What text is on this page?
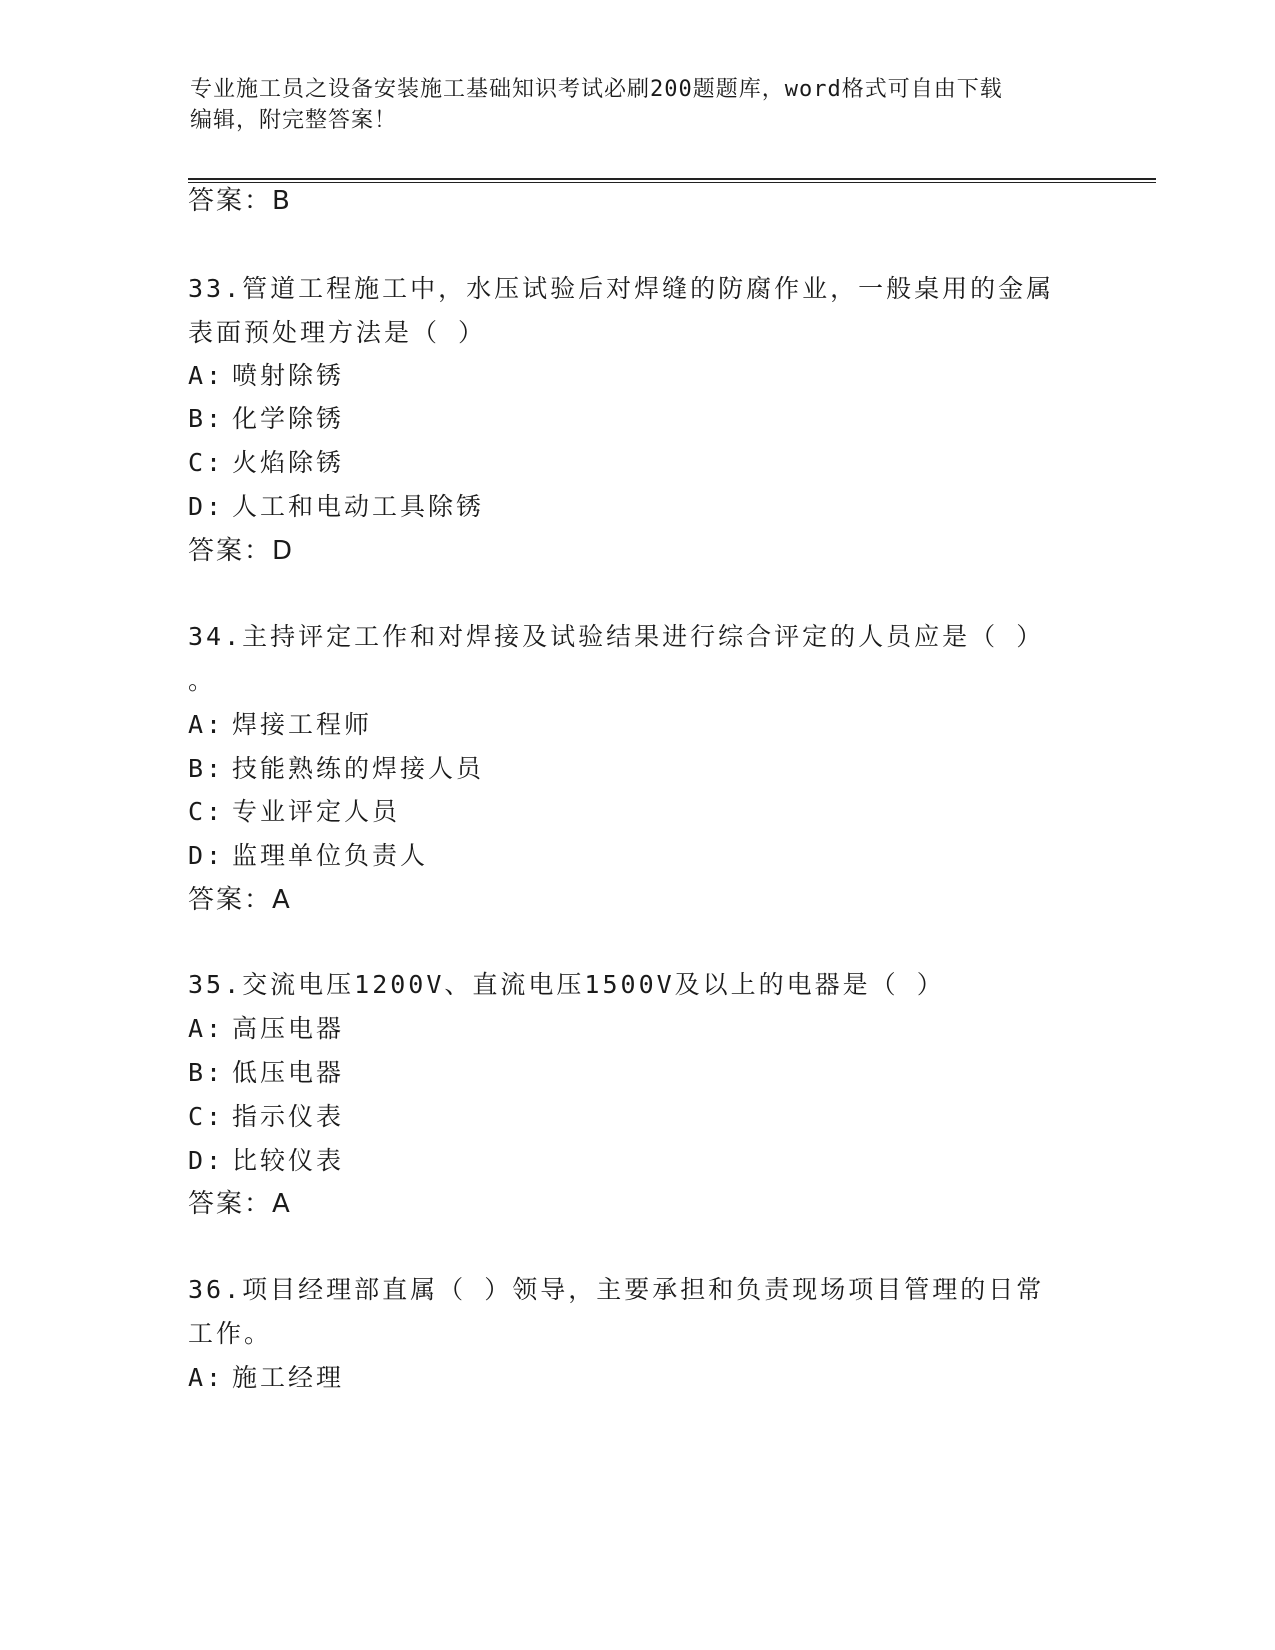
专业施工员之设备安装施工基础知识考试必刷200题题库，word格式可自由下载
编辑，附完整答案！
答案：B
33.管道工程施工中，水压试验后对焊缝的防腐作业，一般桌用的金属
表面预处理方法是（ ）
A: 喷射除锈
B: 化学除锈
C: 火焰除锈
D: 人工和电动工具除锈
答案：D
34.主持评定工作和对焊接及试验结果进行综合评定的人员应是（ ）
。
A: 焊接工程师
B: 技能熟练的焊接人员
C: 专业评定人员
D: 监理单位负责人
答案：A
35.交流电压1200V、直流电压1500V及以上的电器是（ ）
A: 高压电器
B: 低压电器
C: 指示仪表
D: 比较仪表
答案：A
36.项目经理部直属（ ）领导，主要承担和负责现场项目管理的日常
工作。
A: 施工经理
